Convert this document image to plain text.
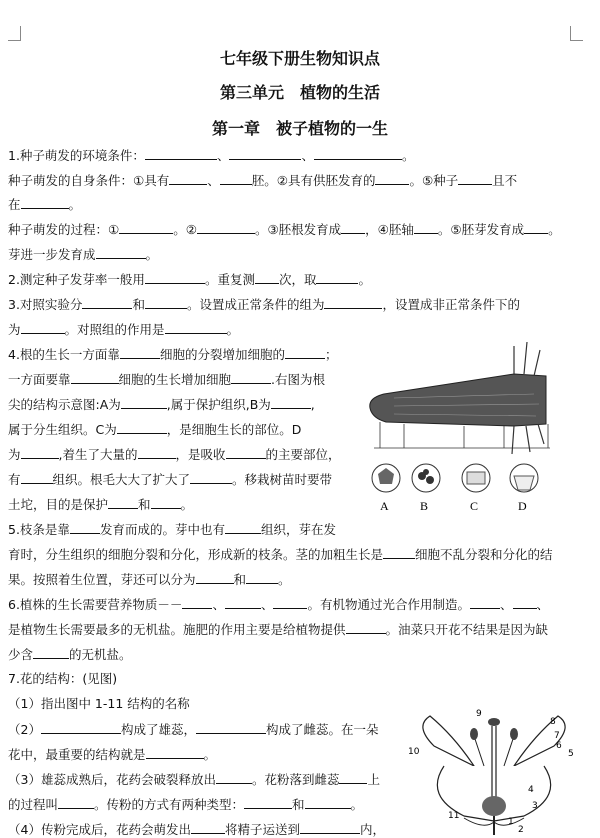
七年级下册生物知识点
第三单元　植物的生活
第一章　被子植物的一生
1.种子萌发的环境条件：	、	、	。
种子萌发的自身条件：①具有	、	胚。②具有供胚发育的	。⑤种子	且不
在	。
种子萌发的过程：①	。②	。③胚根发育成 ，④胚轴 。⑤胚芽发育成 。
芽进一步发育成	。
2.测定种子发芽率一般用	。重复测 次，取	。
3.对照实验分	和	。设置成正常条件的组为	，设置成非正常条件下的
为	。对照组的作用是	。
4.根的生长一方面靠	细胞的分裂增加细胞的	；
一方面要靠	细胞的生长增加细胞	.右图为根
尖的结构示意图:A为	,属于保护组织,B为	,
属于分生组织。C为	，是细胞生长的部位。D
为	,着生了大量的	，是吸收	的主要部位，
有	组织。根毛大大了扩大了	。移栽树苗时要带
土坨，目的是保护 和 。
5.枝条是靠 发育而成的。芽中也有	组织，芽在发
育时，分生组织的细胞分裂和分化，形成新的枝条。茎的加粗生长是	细胞不乱分裂和分化的结
果。按照着生位置，芽还可以分为	和	。
6.植株的生长需要营养物质－－ 、	、	。有机物通过光合作用制造。 、 、
是植物生长需要最多的无机盐。施肥的作用主要是给植物提供	。油菜只开花不结果是因为缺
少含	的无机盐。
7.花的结构：(见图)
（1）指出图中 1-11 结构的名称
（2）	构成了雄蕊，	构成了雌蕊。在一朵
花中，最重要的结构就是	。
（3）雄蕊成熟后，花药会破裂释放出	。花粉落到雌蕊 上
的过程叫	。传粉的方式有两种类型：	和	。
（4）传粉完成后，花药会萌发出	将精子运送到	内，
A	B	C	D
9
8
7
6
5
10
4
3
11
1
2
